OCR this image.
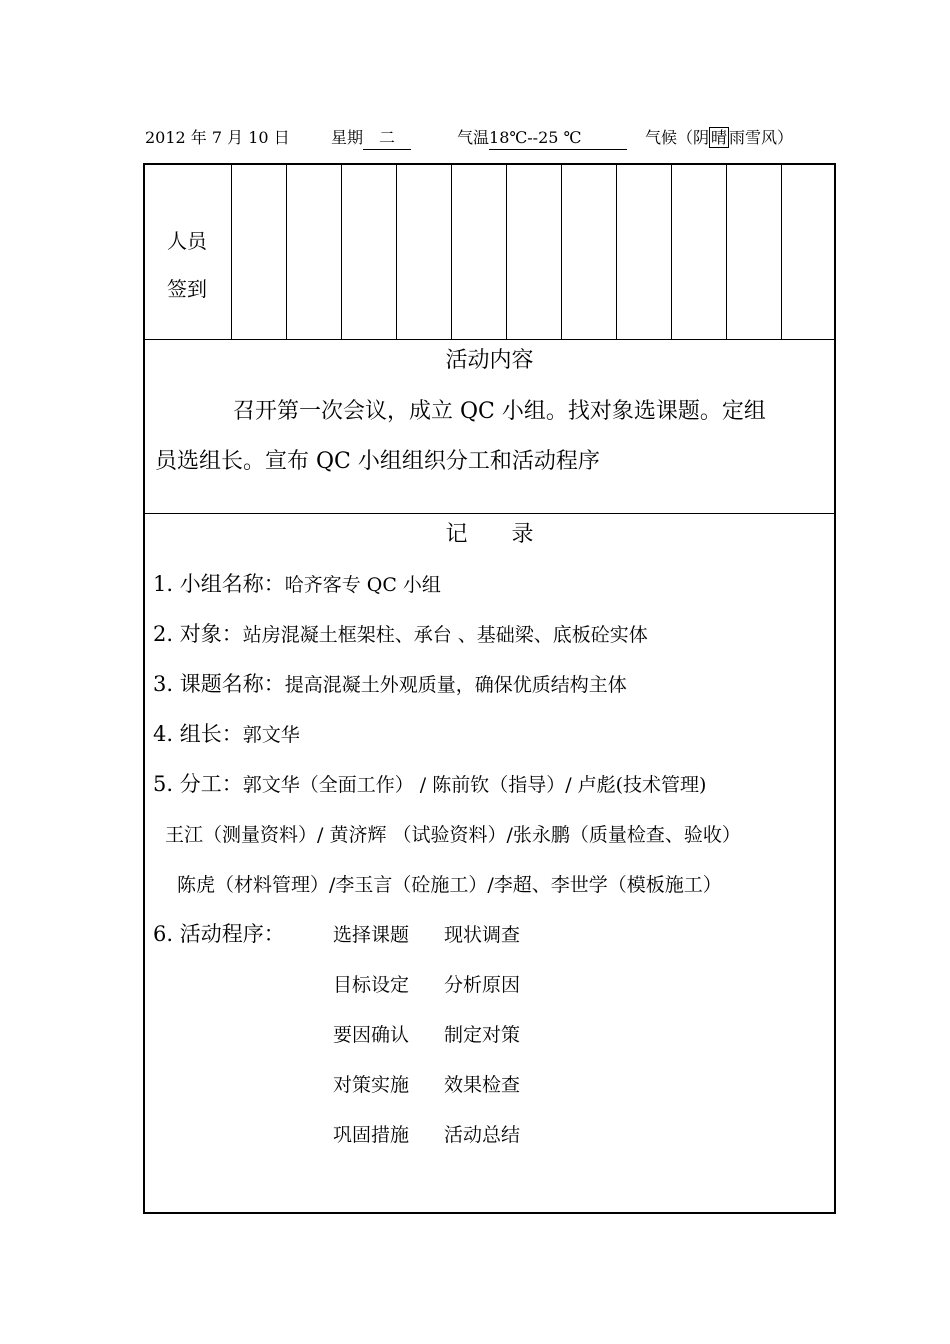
2012 年 7 月 10 日	星期 二	气温18℃--25 ℃	气候（阴 晴 雨雪风）
人员
签到
活动内容
召开第一次会议，成立 QC 小组。找对象选课题。定组
员选组长。宣布 QC 小组组织分工和活动程序
记　　录
1. 小组名称：哈齐客专 QC 小组
2. 对象：站房混凝土框架柱、承台 、基础梁、底板砼实体
3. 课题名称：提高混凝土外观质量，确保优质结构主体
4. 组长：郭文华
5. 分工：郭文华（全面工作） / 陈前钦（指导）/ 卢彪(技术管理)
王江（测量资料）/ 黄济辉 （试验资料）/张永鹏（质量检查、验收）
陈虎（材料管理）/李玉言（砼施工）/李超、李世学（模板施工）
6. 活动程序：	选择课题 现状调查
目标设定 分析原因
要因确认 制定对策
对策实施 效果检查
巩固措施 活动总结
